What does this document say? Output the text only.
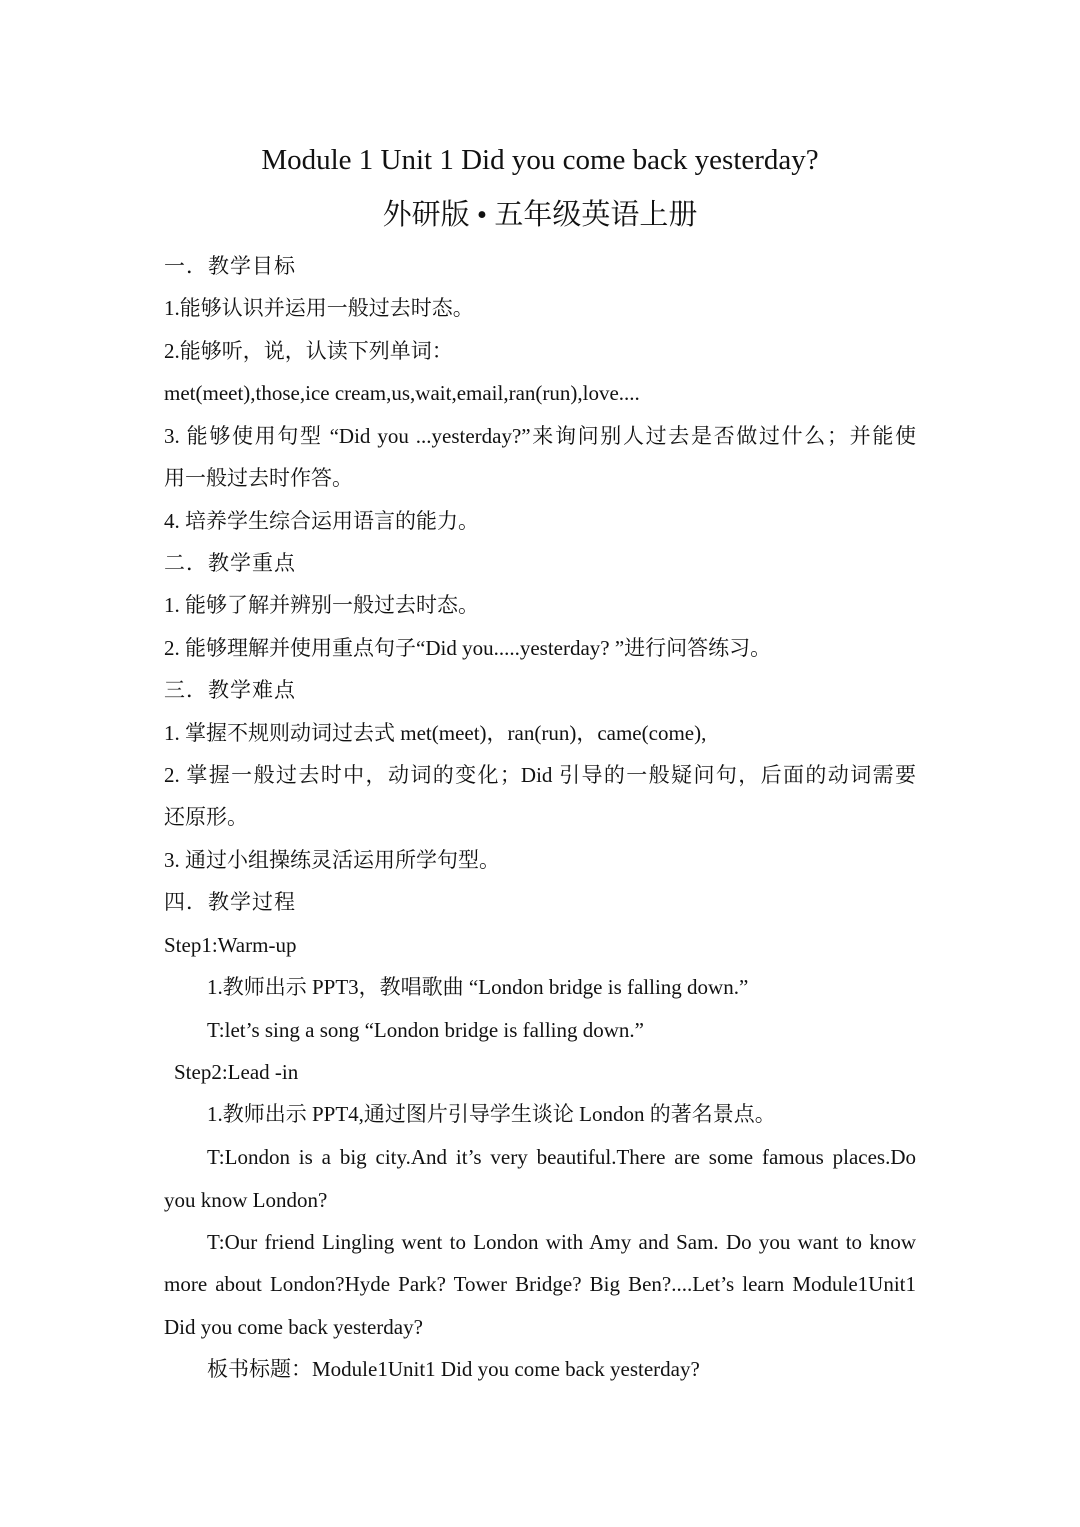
Module 1 Unit 1 Did you come back yesterday?
外研版 • 五年级英语上册
一．教学目标
1.能够认识并运用一般过去时态。
2.能够听，说，认读下列单词：
met(meet),those,ice cream,us,wait,email,ran(run),love....
3. 能够使用句型 “Did you ...yesterday?”来询问别人过去是否做过什么；并能使
用一般过去时作答。
4. 培养学生综合运用语言的能力。
二．教学重点
1. 能够了解并辨别一般过去时态。
2. 能够理解并使用重点句子“Did you.....yesterday? ”进行问答练习。
三．教学难点
1. 掌握不规则动词过去式 met(meet)，ran(run)，came(come),
2. 掌握一般过去时中，动词的变化；Did 引导的一般疑问句，后面的动词需要
还原形。
3. 通过小组操练灵活运用所学句型。
四．教学过程
Step1:Warm-up
1.教师出示 PPT3，教唱歌曲 “London bridge is falling down.”
T:let’s sing a song “London bridge is falling down.”
Step2:Lead -in
1.教师出示 PPT4,通过图片引导学生谈论 London 的著名景点。
T:London is a big city.And it’s very beautiful.There are some famous places.Do
you know London?
T:Our friend Lingling went to London with Amy and Sam. Do you want to know
more about London?Hyde Park? Tower Bridge? Big Ben?....Let’s learn Module1Unit1
Did you come back yesterday?
板书标题：Module1Unit1 Did you come back yesterday?
